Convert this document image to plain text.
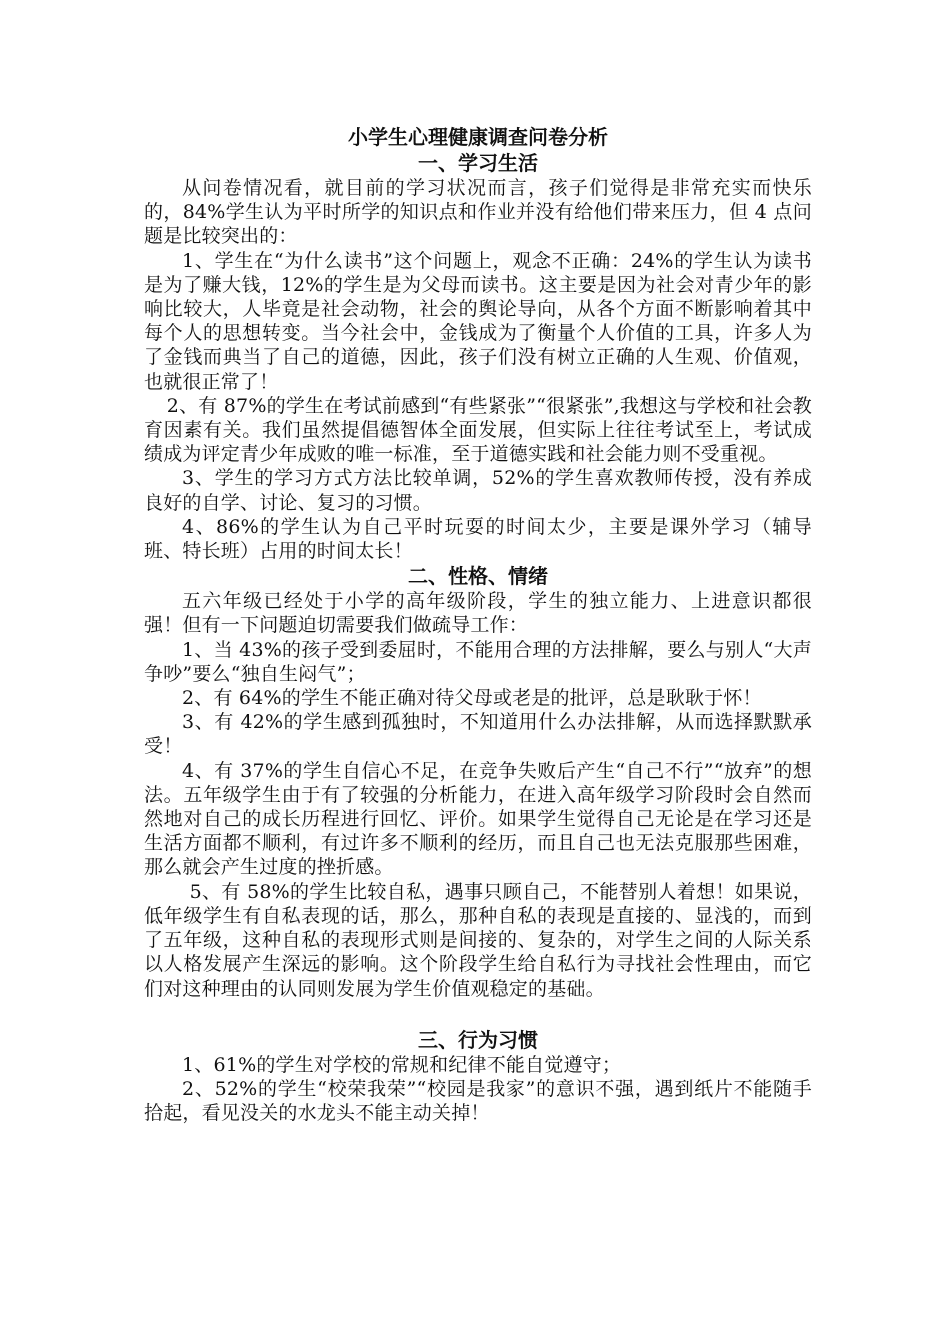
小学生心理健康调查问卷分析
一、学习生活

从问卷情况看，就目前的学习状况而言，孩子们觉得是非常充实而快乐的，84%学生认为平时所学的知识点和作业并没有给他们带来压力，但 4 点问题是比较突出的：

1、学生在“为什么读书”这个问题上，观念不正确：24%的学生认为读书是为了赚大钱，12%的学生是为父母而读书。这主要是因为社会对青少年的影响比较大，人毕竟是社会动物，社会的舆论导向，从各个方面不断影响着其中每个人的思想转变。当今社会中，金钱成为了衡量个人价值的工具，许多人为了金钱而典当了自己的道德，因此，孩子们没有树立正确的人生观、价值观，也就很正常了！

2、有 87%的学生在考试前感到“有些紧张”“很紧张”,我想这与学校和社会教育因素有关。我们虽然提倡德智体全面发展，但实际上往往考试至上，考试成绩成为评定青少年成败的唯一标准，至于道德实践和社会能力则不受重视。

3、学生的学习方式方法比较单调，52%的学生喜欢教师传授，没有养成良好的自学、讨论、复习的习惯。

4、86%的学生认为自己平时玩耍的时间太少，主要是课外学习（辅导班、特长班）占用的时间太长！

二、性格、情绪

五六年级已经处于小学的高年级阶段，学生的独立能力、上进意识都很强！但有一下问题迫切需要我们做疏导工作：

1、当 43%的孩子受到委屈时，不能用合理的方法排解，要么与别人“大声争吵”要么“独自生闷气”；

2、有 64%的学生不能正确对待父母或老是的批评，总是耿耿于怀！

3、有 42%的学生感到孤独时，不知道用什么办法排解，从而选择默默承受！

4、有 37%的学生自信心不足，在竞争失败后产生“自己不行”“放弃”的想法。五年级学生由于有了较强的分析能力，在进入高年级学习阶段时会自然而然地对自己的成长历程进行回忆、评价。如果学生觉得自己无论是在学习还是生活方面都不顺利，有过许多不顺利的经历，而且自己也无法克服那些困难，那么就会产生过度的挫折感。

5、有 58%的学生比较自私，遇事只顾自己，不能替别人着想！如果说，低年级学生有自私表现的话，那么，那种自私的表现是直接的、显浅的，而到了五年级，这种自私的表现形式则是间接的、复杂的，对学生之间的人际关系以人格发展产生深远的影响。这个阶段学生给自私行为寻找社会性理由，而它们对这种理由的认同则发展为学生价值观稳定的基础。

三、行为习惯

1、61%的学生对学校的常规和纪律不能自觉遵守；

2、52%的学生“校荣我荣”“校园是我家”的意识不强，遇到纸片不能随手拾起，看见没关的水龙头不能主动关掉！
